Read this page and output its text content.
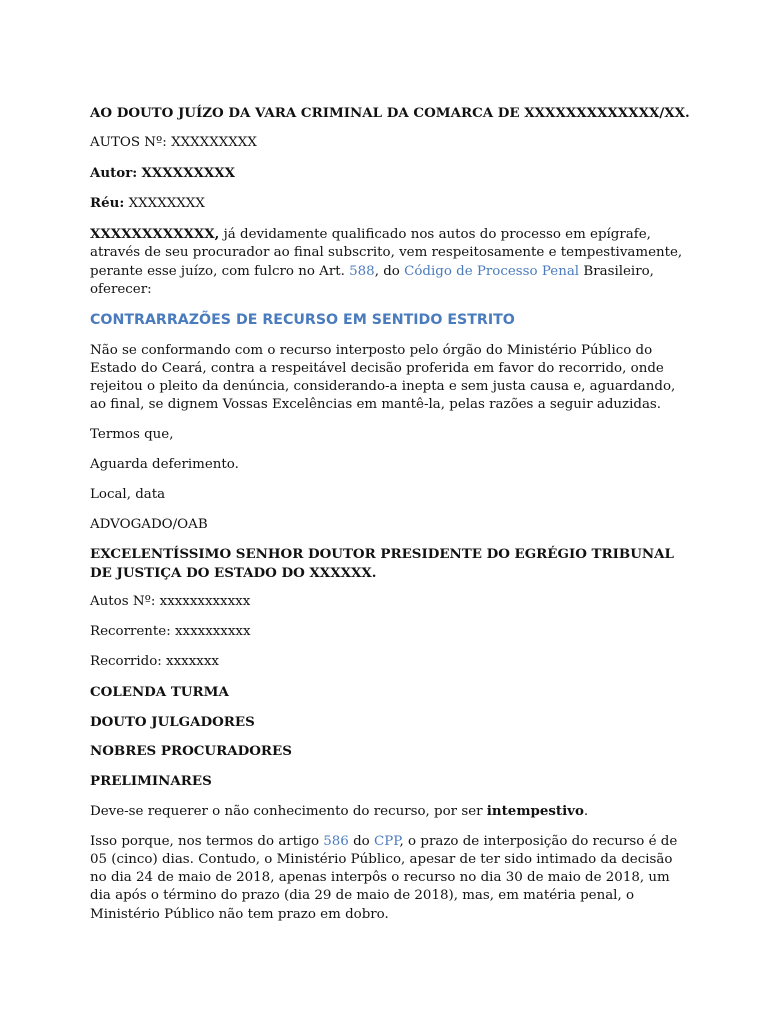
AO DOUTO JUÍZO DA VARA CRIMINAL DA COMARCA DE XXXXXXXXXXXXX/XX.

AUTOS Nº: XXXXXXXXX

Autor: XXXXXXXXX

Réu: XXXXXXXX

XXXXXXXXXXXX, já devidamente qualificado nos autos do processo em epígrafe, através de seu procurador ao final subscrito, vem respeitosamente e tempestivamente, perante esse juízo, com fulcro no Art. 588, do Código de Processo Penal Brasileiro, oferecer:

CONTRARRAZÕES DE RECURSO EM SENTIDO ESTRITO

Não se conformando com o recurso interposto pelo órgão do Ministério Público do Estado do Ceará, contra a respeitável decisão proferida em favor do recorrido, onde rejeitou o pleito da denúncia, considerando-a inepta e sem justa causa e, aguardando, ao final, se dignem Vossas Excelências em mantê-la, pelas razões a seguir aduzidas.

Termos que,

Aguarda deferimento.

Local, data

ADVOGADO/OAB

EXCELENTÍSSIMO SENHOR DOUTOR PRESIDENTE DO EGRÉGIO TRIBUNAL DE JUSTIÇA DO ESTADO DO XXXXXX.

Autos Nº: xxxxxxxxxxxx

Recorrente: xxxxxxxxxx

Recorrido: xxxxxxx

COLENDA TURMA

DOUTO JULGADORES

NOBRES PROCURADORES

PRELIMINARES

Deve-se requerer o não conhecimento do recurso, por ser intempestivo.

Isso porque, nos termos do artigo 586 do CPP, o prazo de interposição do recurso é de 05 (cinco) dias. Contudo, o Ministério Público, apesar de ter sido intimado da decisão no dia 24 de maio de 2018, apenas interpôs o recurso no dia 30 de maio de 2018, um dia após o término do prazo (dia 29 de maio de 2018), mas, em matéria penal, o Ministério Público não tem prazo em dobro.
